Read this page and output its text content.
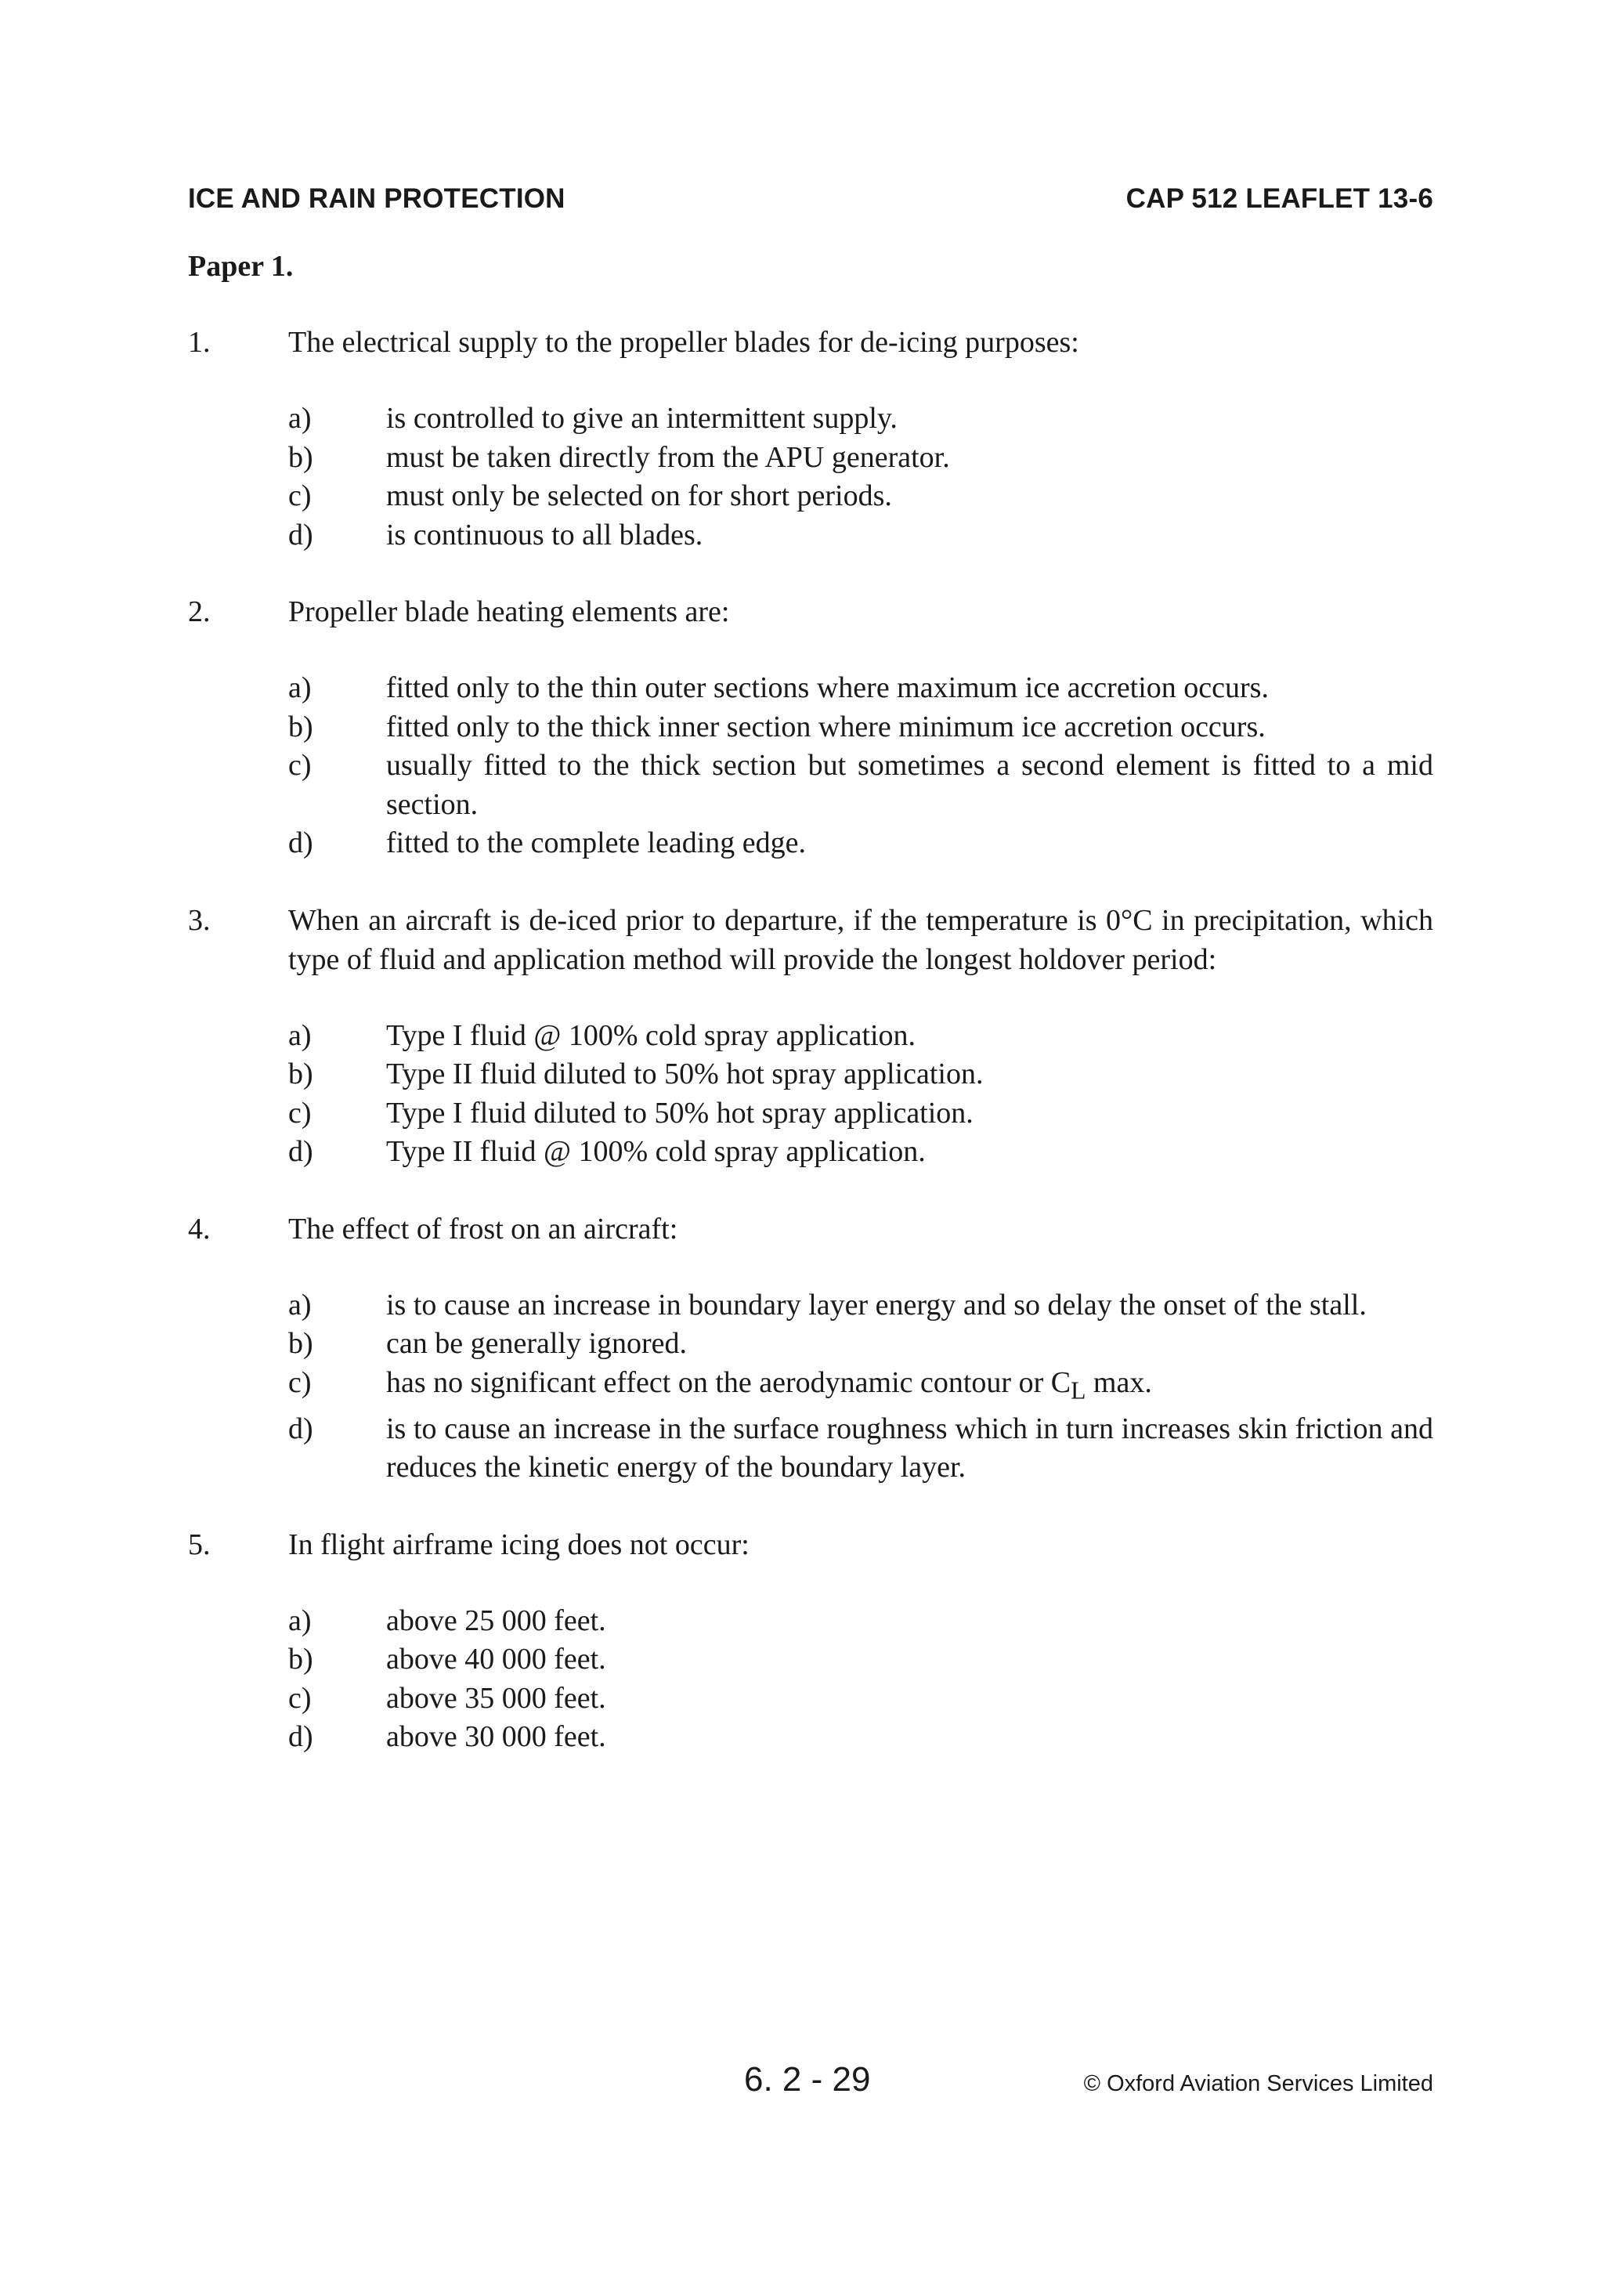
ICE AND RAIN PROTECTION	CAP 512 LEAFLET 13-6
Paper 1.
1.	The electrical supply to the propeller blades for de-icing purposes:
a)	is controlled to give an intermittent supply.
b)	must be taken directly from the APU generator.
c)	must only be selected on for short periods.
d)	is continuous to all blades.
2.	Propeller blade heating elements are:
a)	fitted only to the thin outer sections where maximum ice accretion occurs.
b)	fitted only to the thick inner section where minimum ice accretion occurs.
c)	usually fitted to the thick section but sometimes a second element is fitted to a mid section.
d)	fitted to the complete leading edge.
3.	When an aircraft is de-iced prior to departure, if the temperature is 0°C in precipitation, which type of fluid and application method will provide the longest holdover period:
a)	Type I fluid @ 100% cold spray application.
b)	Type II fluid diluted to 50% hot spray application.
c)	Type I fluid diluted to 50% hot spray application.
d)	Type II fluid @ 100% cold spray application.
4.	The effect of frost on an aircraft:
a)	is to cause an increase in boundary layer energy and so delay the onset of the stall.
b)	can be generally ignored.
c)	has no significant effect on the aerodynamic contour or $C_L$ max.
d)	is to cause an increase in the surface roughness which in turn increases skin friction and reduces the kinetic energy of the boundary layer.
5.	In flight airframe icing does not occur:
a)	above 25 000 feet.
b)	above 40 000 feet.
c)	above 35 000 feet.
d)	above 30 000 feet.
6. 2 - 29	© Oxford Aviation Services Limited
